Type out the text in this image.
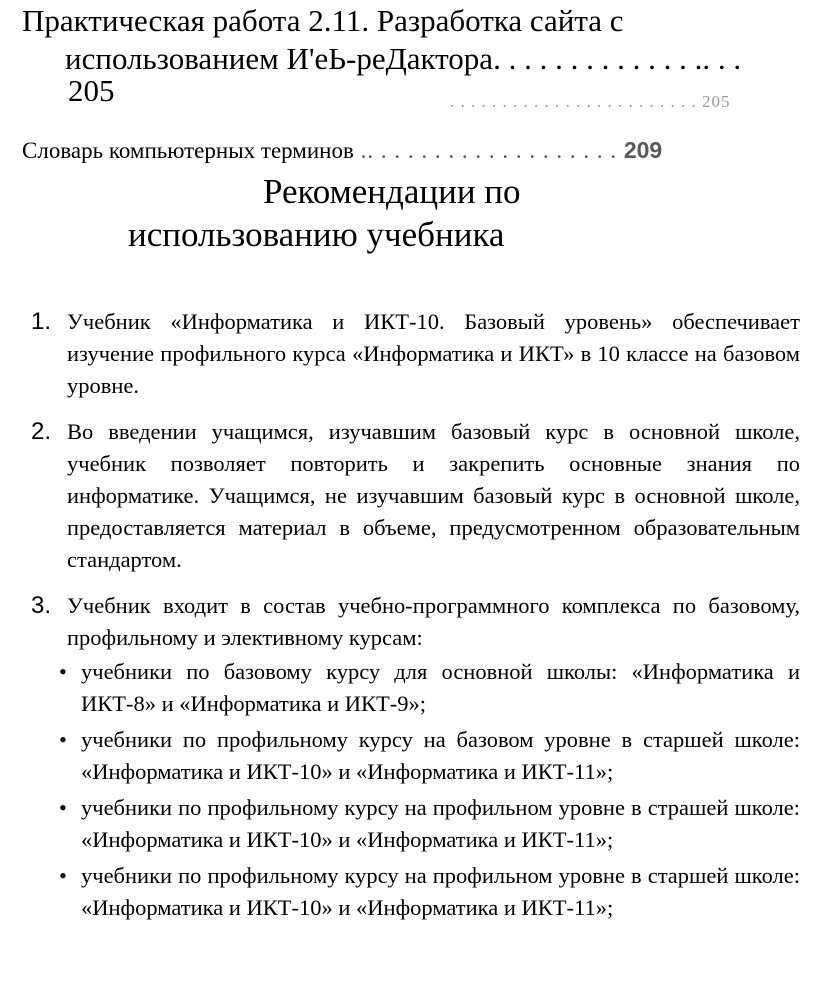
Практическая работа 2.11. Разработка сайта с

использованием И'еЬ-реДактора. . . . . . . . . . . . . .. . .

205	. . . . . . . . . . . . . . . . . . . . . . . . 205

Словарь компьютерных терминов .. . . . . . . . . . . . . . . . . . . 209

Рекомендации по
использованию учебника
1. Учебник «Информатика и ИКТ-10. Базовый уровень» обеспечивает изучение профильного курса «Информатика и ИКТ» в 10 классе на базовом уровне.
2. Во введении учащимся, изучавшим базовый курс в основной школе, учебник позволяет повторить и закрепить основные знания по информатике. Учащимся, не изучавшим базовый курс в основной школе, предоставляется материал в объеме, предусмотренном образовательным стандартом.
3. Учебник входит в состав учебно-программного комплекса по базовому, профильному и элективному курсам:
• учебники по базовому курсу для основной школы: «Информатика и ИКТ-8» и «Информатика и ИКТ-9»;
• учебники по профильному курсу на базовом уровне в старшей школе: «Информатика и ИКТ-10» и «Информатика и ИКТ-11»;
• учебники по профильному курсу на профильном уровне в страшей школе: «Информатика и ИКТ-10» и «Информатика и ИКТ-11»;
• учебники по профильному курсу на профильном уровне в старшей школе: «Информатика и ИКТ-10» и «Информатика и ИКТ-11»;
